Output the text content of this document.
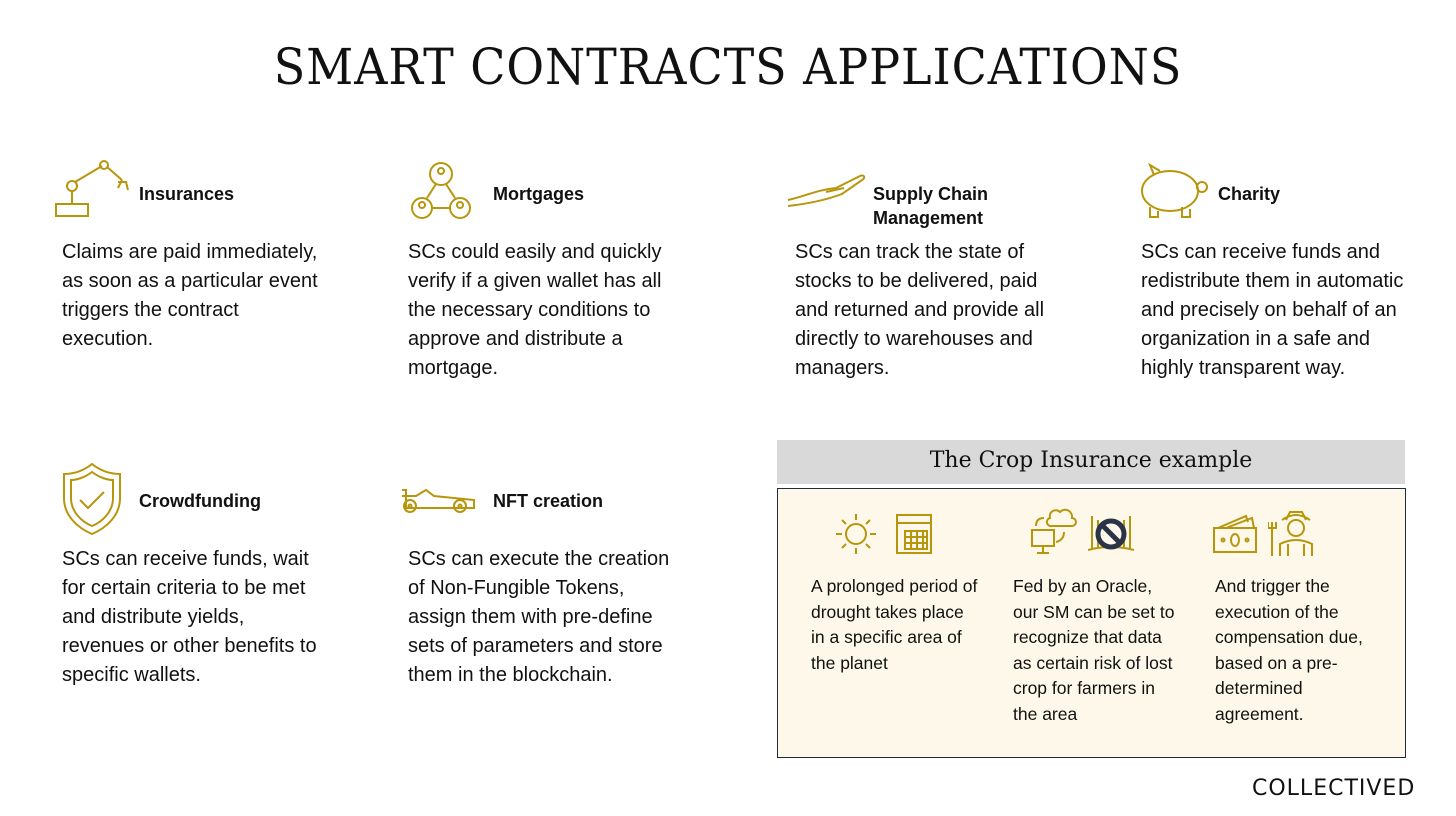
SMART CONTRACTS APPLICATIONS
Insurances
Claims are paid immediately, as soon as a particular event triggers the contract execution.
Mortgages
SCs could easily and quickly verify if a given wallet has all the necessary conditions to approve and distribute a mortgage.
Supply Chain Management
SCs can track the state of stocks to be delivered, paid and returned and provide all directly to warehouses and managers.
Charity
SCs can receive funds and redistribute them in automatic and precisely on behalf of an organization in a safe and highly transparent way.
Crowdfunding
SCs can receive funds, wait for certain criteria to be met and distribute yields, revenues or other benefits to specific wallets.
NFT creation
SCs can execute the creation of Non-Fungible Tokens, assign them with pre-define sets of parameters and store them in the blockchain.
The Crop Insurance example
A prolonged period of drought takes place in a specific area of the planet
Fed by an Oracle, our SM can be set to recognize that data as certain risk of lost crop for farmers in the area
And trigger the execution of the compensation due, based on a pre-determined agreement.
COLLECTIVED
